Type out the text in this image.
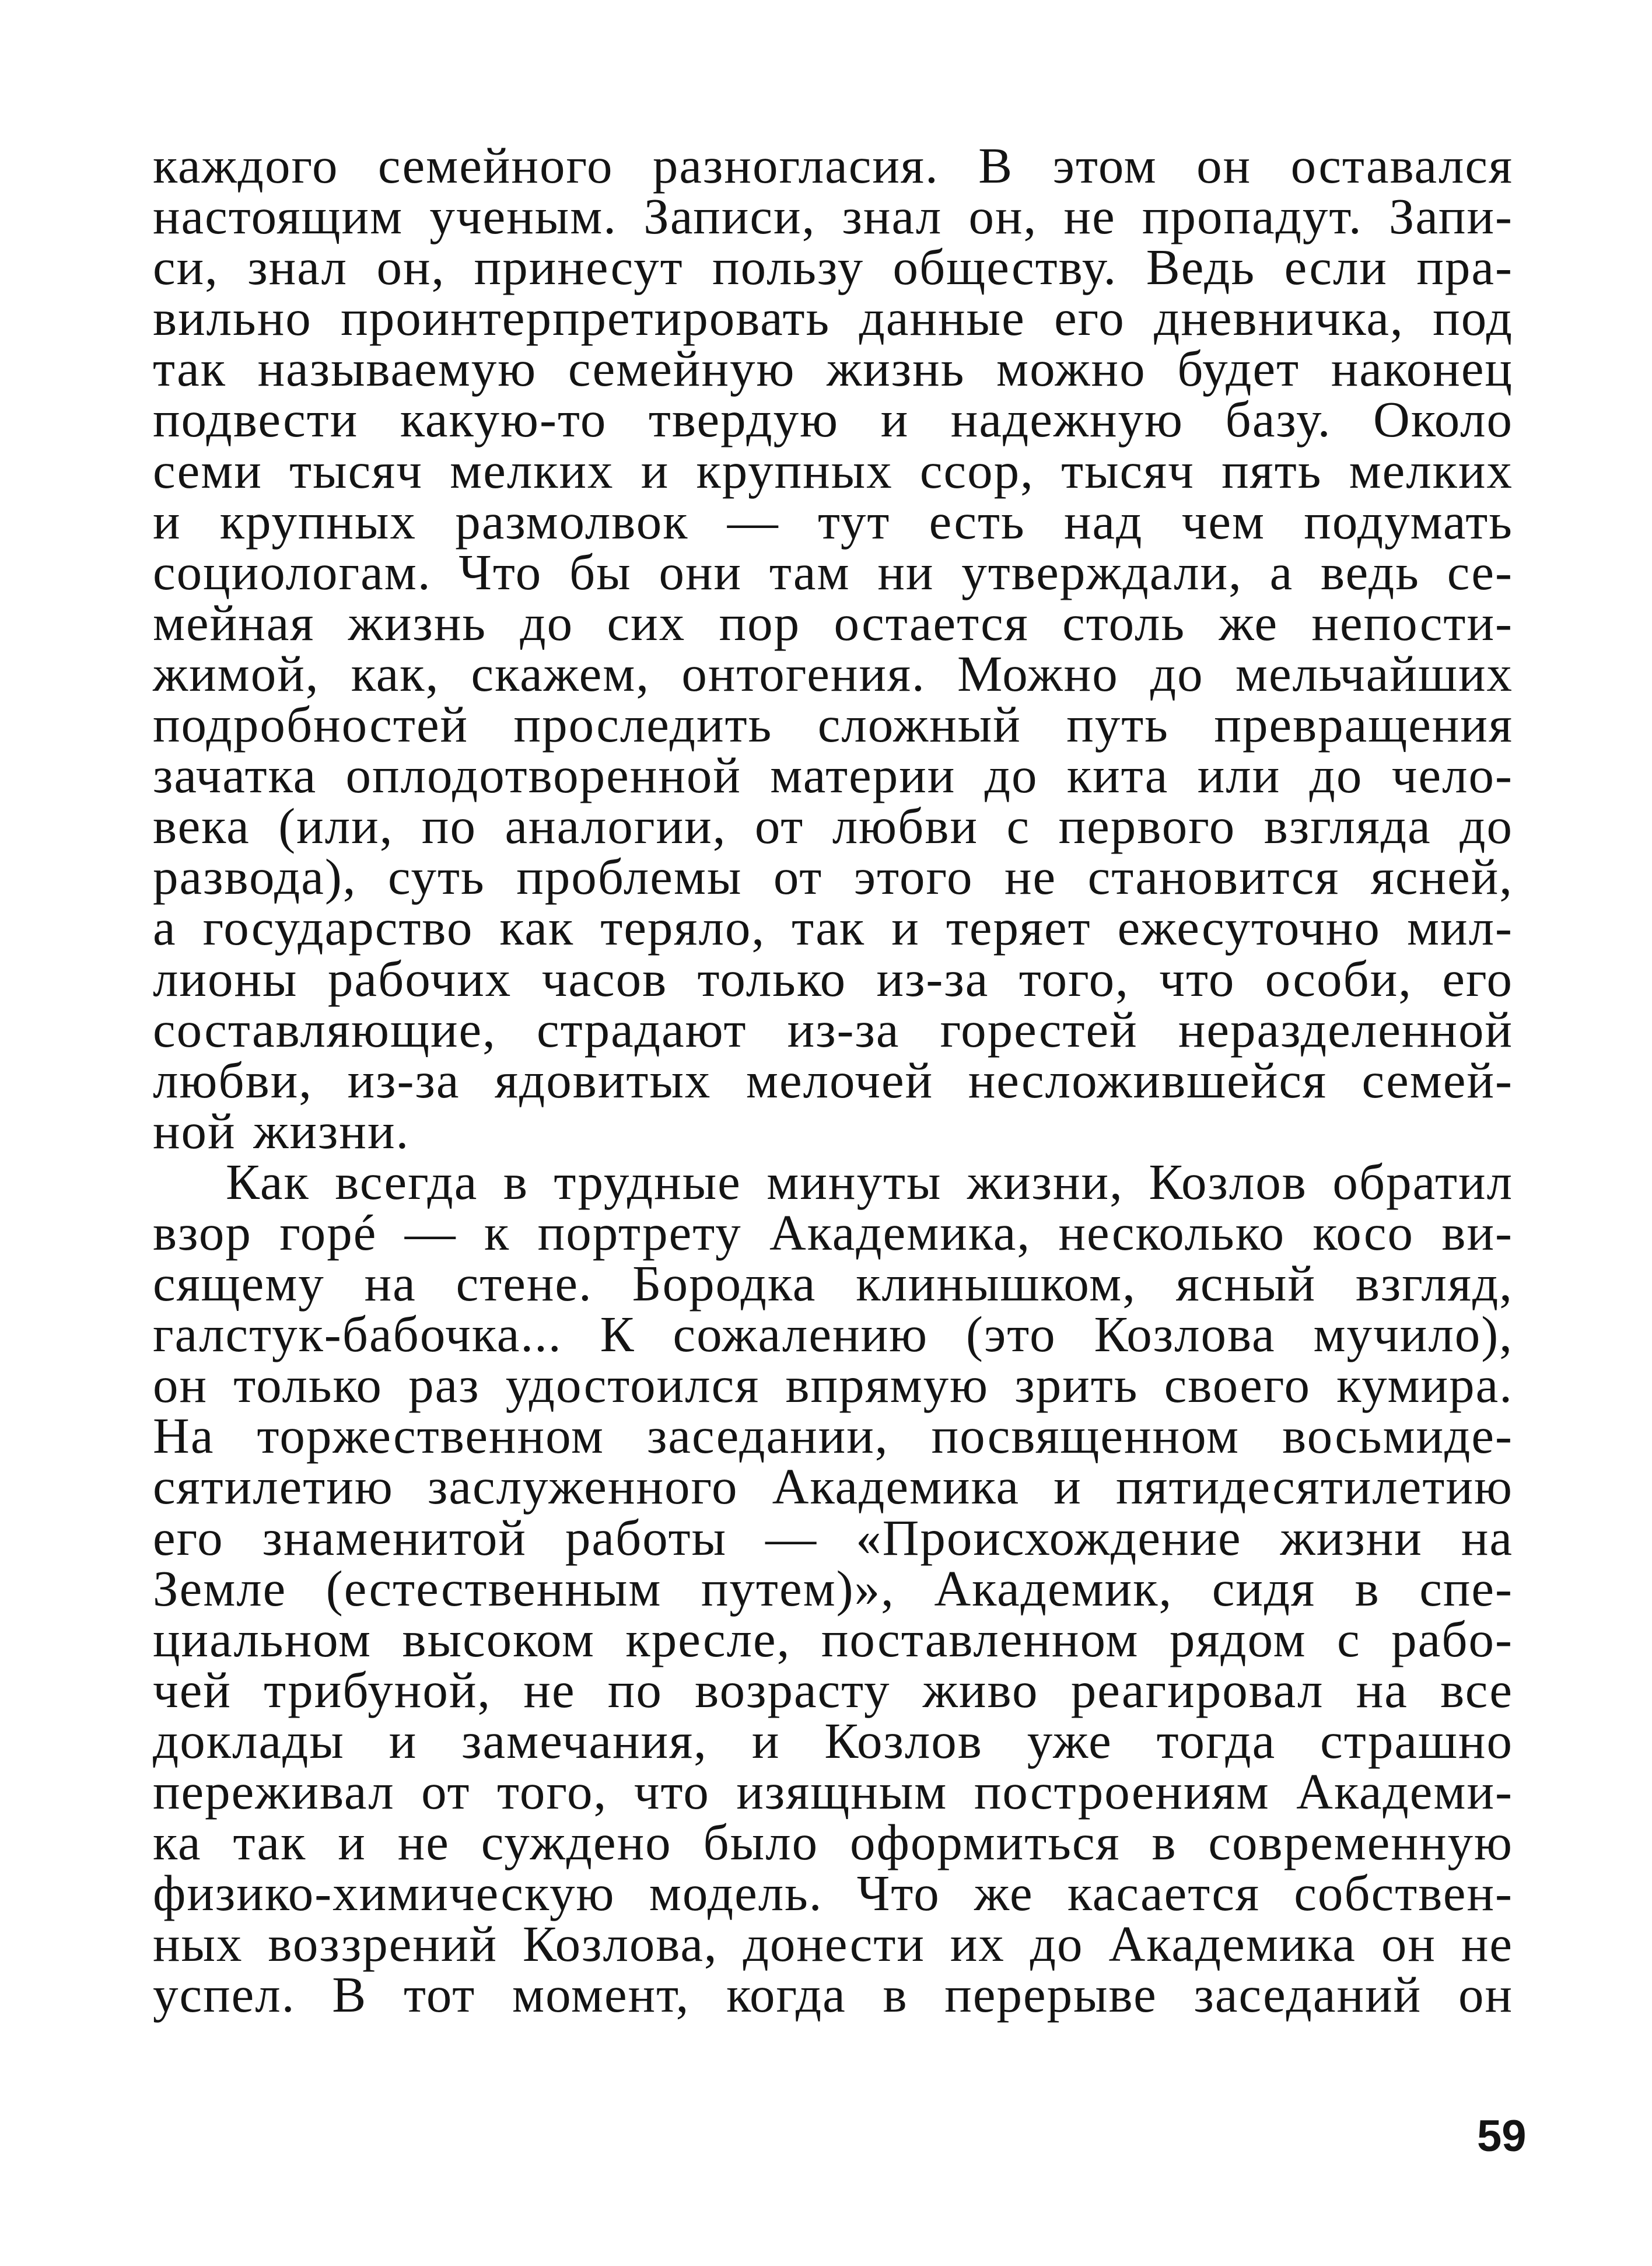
каждого семейного разногласия. В этом он оставался
настоящим ученым. Записи, знал он, не пропадут. Запи-
си, знал он, принесут пользу обществу. Ведь если пра-
вильно проинтерпретировать данные его дневничка, под
так называемую семейную жизнь можно будет наконец
подвести какую-то твердую и надежную базу. Около
семи тысяч мелких и крупных ссор, тысяч пять мелких
и крупных размолвок — тут есть над чем подумать
социологам. Что бы они там ни утверждали, а ведь се-
мейная жизнь до сих пор остается столь же непости-
жимой, как, скажем, онтогения. Можно до мельчайших
подробностей проследить сложный путь превращения
зачатка оплодотворенной материи до кита или до чело-
века (или, по аналогии, от любви с первого взгляда до
развода), суть проблемы от этого не становится ясней,
а государство как теряло, так и теряет ежесуточно мил-
лионы рабочих часов только из-за того, что особи, его
составляющие, страдают из-за горестей неразделенной
любви, из-за ядовитых мелочей несложившейся семей-
ной жизни.

Как всегда в трудные минуты жизни, Козлов обратил
взор горé — к портрету Академика, несколько косо ви-
сящему на стене. Бородка клинышком, ясный взгляд,
галстук-бабочка... К сожалению (это Козлова мучило),
он только раз удостоился впрямую зрить своего кумира.
На торжественном заседании, посвященном восьмиде-
сятилетию заслуженного Академика и пятидесятилетию
его знаменитой работы — «Происхождение жизни на
Земле (естественным путем)», Академик, сидя в спе-
циальном высоком кресле, поставленном рядом с рабо-
чей трибуной, не по возрасту живо реагировал на все
доклады и замечания, и Козлов уже тогда страшно
переживал от того, что изящным построениям Академи-
ка так и не суждено было оформиться в современную
физико-химическую модель. Что же касается собствен-
ных воззрений Козлова, донести их до Академика он не
успел. В тот момент, когда в перерыве заседаний он

59
